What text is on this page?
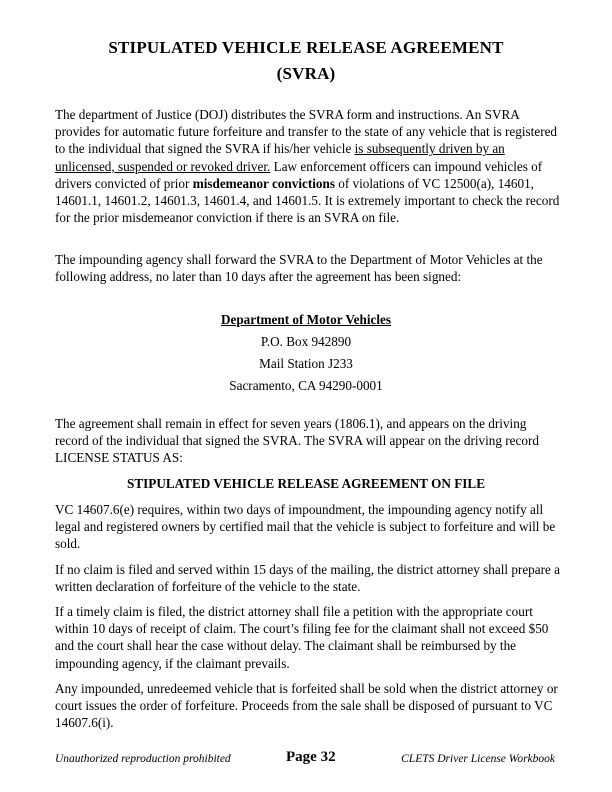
STIPULATED VEHICLE RELEASE AGREEMENT
(SVRA)

The department of Justice (DOJ) distributes the SVRA form and instructions. An SVRA provides for automatic future forfeiture and transfer to the state of any vehicle that is registered to the individual that signed the SVRA if his/her vehicle is subsequently driven by an unlicensed, suspended or revoked driver. Law enforcement officers can impound vehicles of drivers convicted of prior misdemeanor convictions of violations of VC 12500(a), 14601, 14601.1, 14601.2, 14601.3, 14601.4, and 14601.5. It is extremely important to check the record for the prior misdemeanor conviction if there is an SVRA on file.

The impounding agency shall forward the SVRA to the Department of Motor Vehicles at the following address, no later than 10 days after the agreement has been signed:

Department of Motor Vehicles
P.O. Box 942890
Mail Station J233
Sacramento, CA 94290-0001

The agreement shall remain in effect for seven years (1806.1), and appears on the driving record of the individual that signed the SVRA. The SVRA will appear on the driving record LICENSE STATUS AS:

STIPULATED VEHICLE RELEASE AGREEMENT ON FILE

VC 14607.6(e) requires, within two days of impoundment, the impounding agency notify all legal and registered owners by certified mail that the vehicle is subject to forfeiture and will be sold.

If no claim is filed and served within 15 days of the mailing, the district attorney shall prepare a written declaration of forfeiture of the vehicle to the state.

If a timely claim is filed, the district attorney shall file a petition with the appropriate court within 10 days of receipt of claim. The court’s filing fee for the claimant shall not exceed $50 and the court shall hear the case without delay. The claimant shall be reimbursed by the impounding agency, if the claimant prevails.

Any impounded, unredeemed vehicle that is forfeited shall be sold when the district attorney or court issues the order of forfeiture. Proceeds from the sale shall be disposed of pursuant to VC 14607.6(i).

Unauthorized reproduction prohibited	Page 32	CLETS Driver License Workbook
